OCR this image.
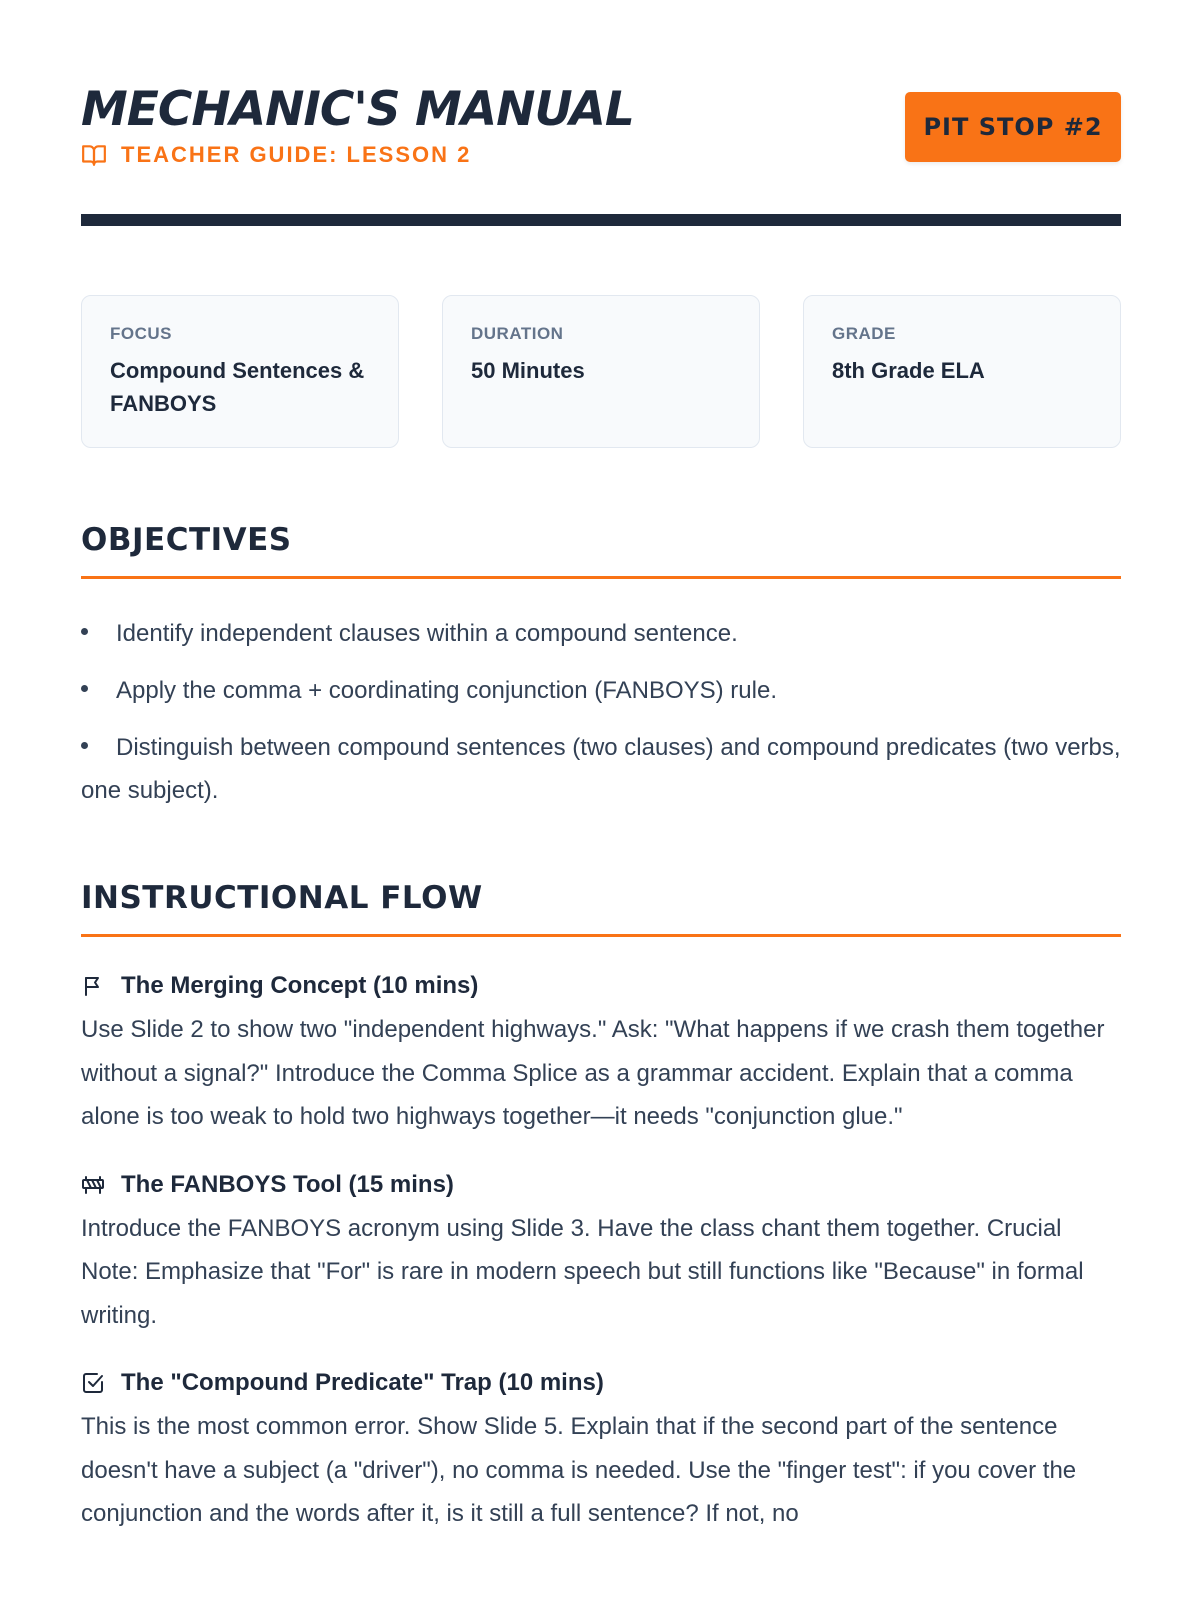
MECHANIC'S MANUAL
TEACHER GUIDE: LESSON 2
PIT STOP #2
FOCUS
Compound Sentences & FANBOYS
DURATION
50 Minutes
GRADE
8th Grade ELA
OBJECTIVES
Identify independent clauses within a compound sentence.
Apply the comma + coordinating conjunction (FANBOYS) rule.
Distinguish between compound sentences (two clauses) and compound predicates (two verbs, one subject).
INSTRUCTIONAL FLOW
The Merging Concept (10 mins)
Use Slide 2 to show two "independent highways." Ask: "What happens if we crash them together without a signal?" Introduce the Comma Splice as a grammar accident. Explain that a comma alone is too weak to hold two highways together—it needs "conjunction glue."
The FANBOYS Tool (15 mins)
Introduce the FANBOYS acronym using Slide 3. Have the class chant them together. Crucial Note: Emphasize that "For" is rare in modern speech but still functions like "Because" in formal writing.
The "Compound Predicate" Trap (10 mins)
This is the most common error. Show Slide 5. Explain that if the second part of the sentence doesn't have a subject (a "driver"), no comma is needed. Use the "finger test": if you cover the conjunction and the words after it, is it still a full sentence? If not, no
